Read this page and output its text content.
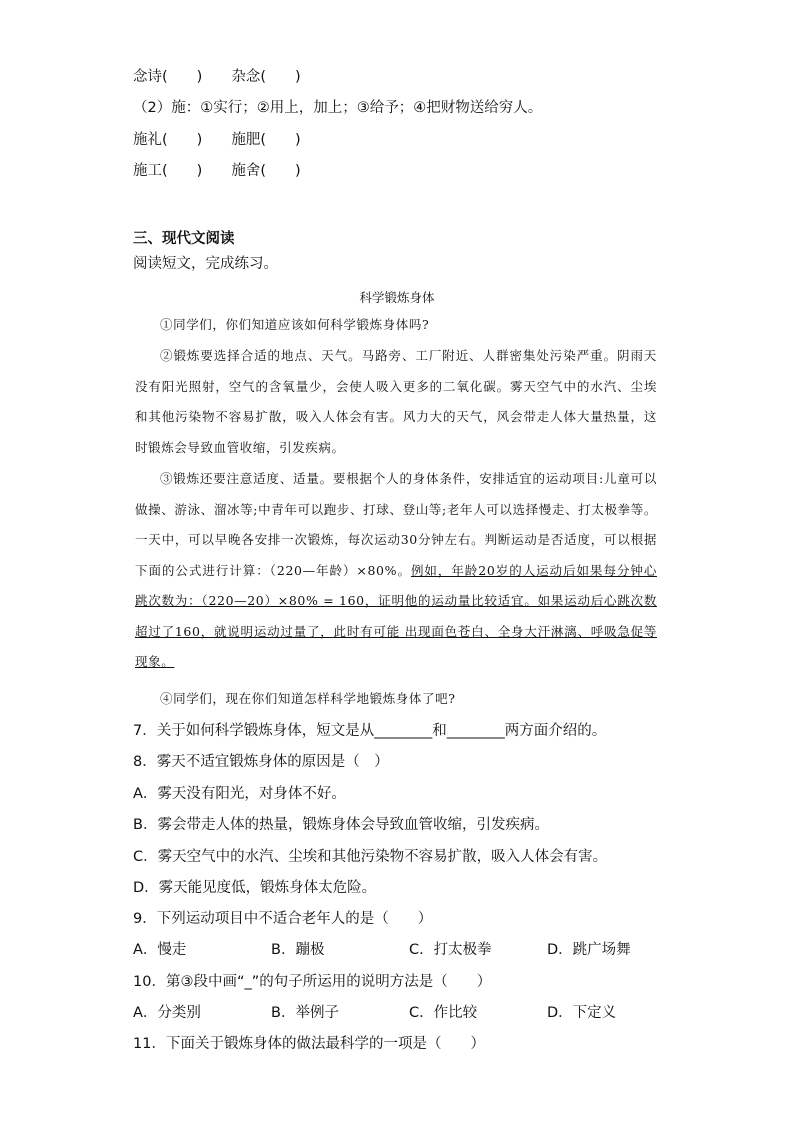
念诗(　　)　　杂念(　　)
（2）施：①实行；②用上，加上；③给予；④把财物送给穷人。
施礼(　　)　　施肥(　　)
施工(　　)　　施舍(　　)
三、现代文阅读
阅读短文，完成练习。
科学锻炼身体
①同学们，你们知道应该如何科学锻炼身体吗?
②锻炼要选择合适的地点、天气。马路旁、工厂附近、人群密集处污染严重。阴雨天没有阳光照射，空气的含氧量少，会使人吸入更多的二氧化碳。雾天空气中的水汽、尘埃和其他污染物不容易扩散，吸入人体会有害。风力大的天气，风会带走人体大量热量，这时锻炼会导致血管收缩，引发疾病。
③锻炼还要注意适度、适量。要根据个人的身体条件，安排适宜的运动项目:儿童可以做操、游泳、溜冰等;中青年可以跑步、打球、登山等;老年人可以选择慢走、打太极拳等。一天中，可以早晚各安排一次锻炼，每次运动30分钟左右。判断运动是否适度，可以根据下面的公式进行计算：（220—年龄）×80%。例如，年龄20岁的人运动后如果每分钟心跳次数为：（220—20）×80% = 160，证明他的运动量比较适宜。如果运动后心跳次数超过了160，就说明运动过量了，此时有可能 出现面色苍白、全身大汗淋漓、呼吸急促等现象。
④同学们，现在你们知道怎样科学地锻炼身体了吧?
7．关于如何科学锻炼身体，短文是从________和________两方面介绍的。
8．雾天不适宜锻炼身体的原因是（　）
A．雾天没有阳光，对身体不好。
B．雾会带走人体的热量，锻炼身体会导致血管收缩，引发疾病。
C．雾天空气中的水汽、尘埃和其他污染物不容易扩散，吸入人体会有害。
D．雾天能见度低，锻炼身体太危险。
9．下列运动项目中不适合老年人的是（　　）
A．慢走	B．蹦极	C．打太极拳	D．跳广场舞
10．第③段中画“_”的句子所运用的说明方法是（　　）
A．分类别	B．举例子	C．作比较	D．下定义
11．下面关于锻炼身体的做法最科学的一项是（　　）
